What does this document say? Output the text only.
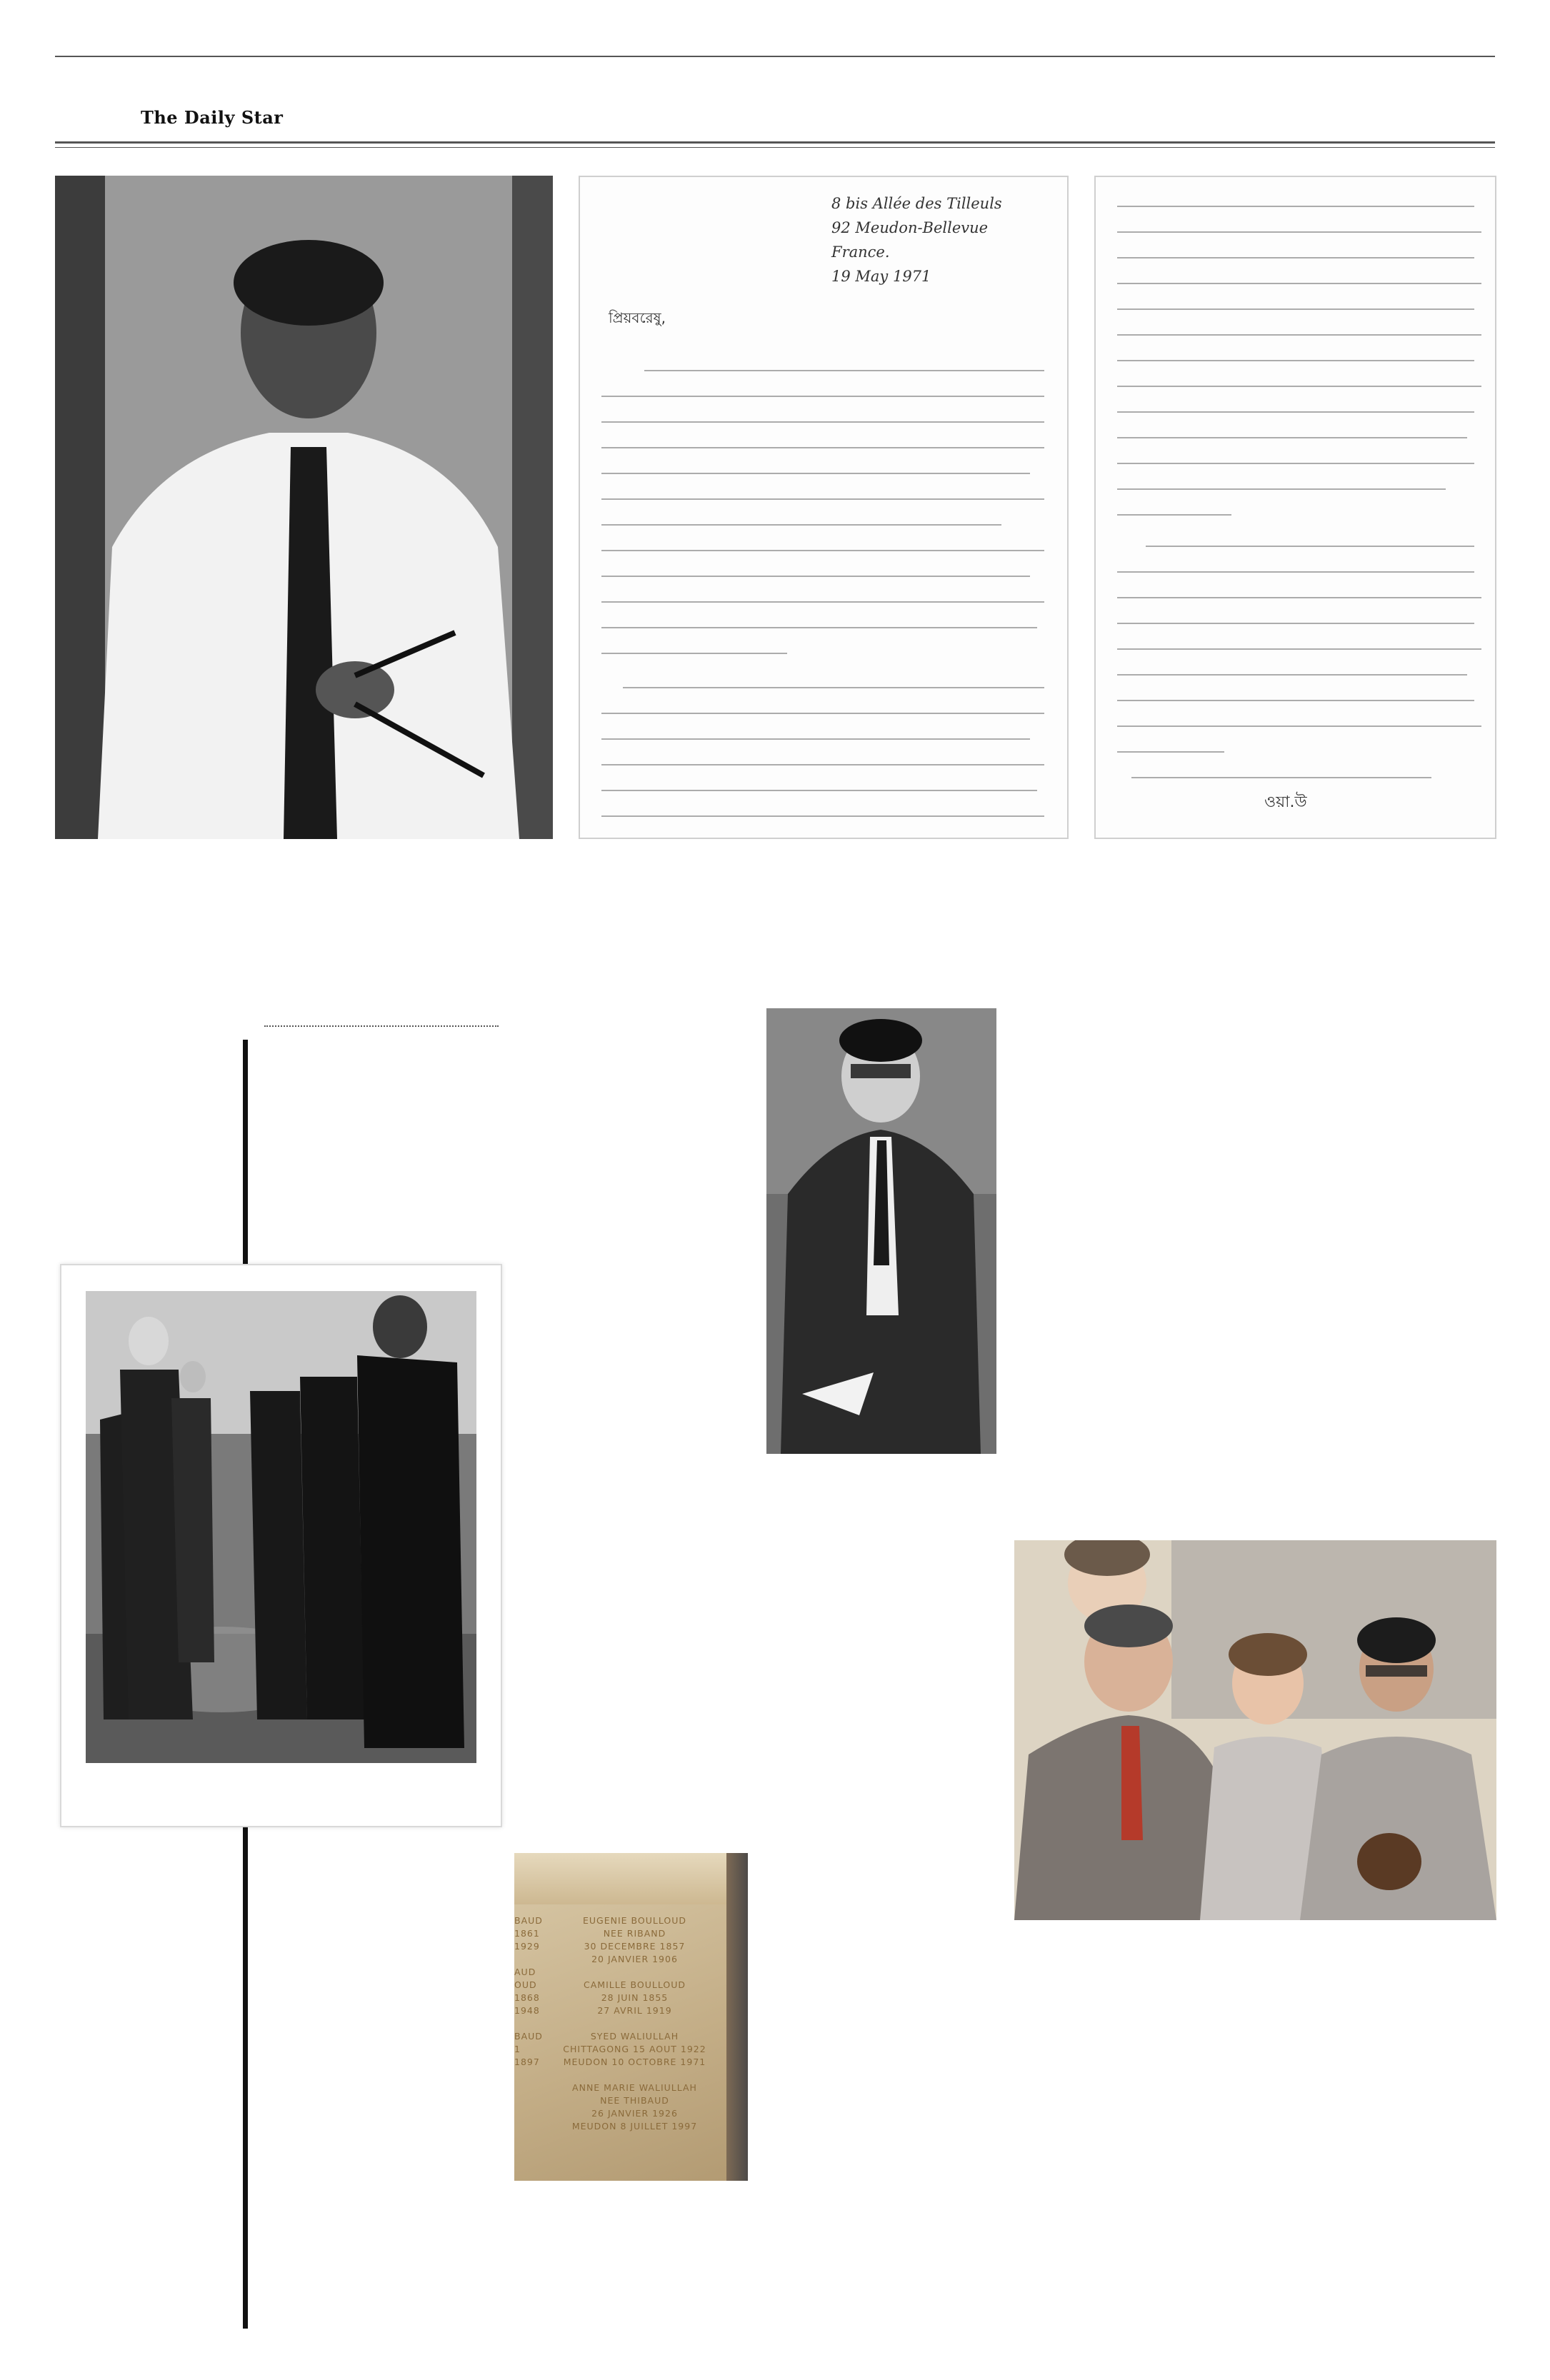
The Daily Star
8 bis Allée des Tilleuls
92 Meudon-Bellevue
France.
19 May 1971
প্রিয়বরেষু,
ওয়া.উ
EUGENIE BOULLOUD
NEE RIBAND
30 DECEMBRE 1857
20 JANVIER 1906

CAMILLE BOULLOUD
28 JUIN 1855
27 AVRIL 1919

SYED WALIULLAH
CHITTAGONG 15 AOUT 1922
MEUDON 10 OCTOBRE 1971

ANNE MARIE WALIULLAH
NEE THIBAUD
26 JANVIER 1926
MEUDON 8 JUILLET 1997
BAUD
1861
1929

AUD
OUD
1868
1948

BAUD
1
1897
